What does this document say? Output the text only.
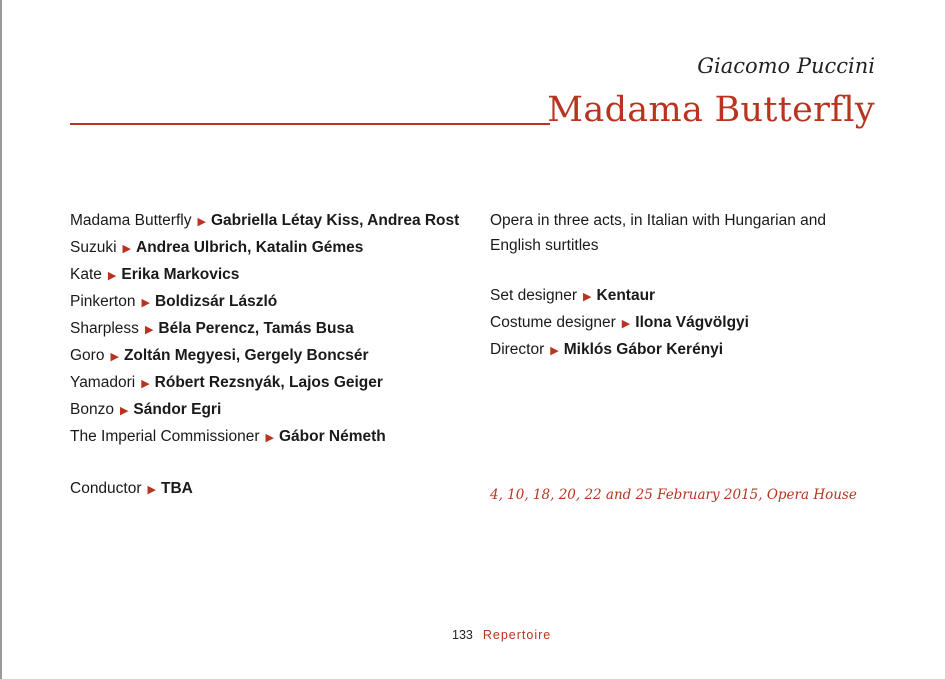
Giacomo Puccini
Madama Butterfly
Madama Butterfly ▶ Gabriella Létay Kiss, Andrea Rost
Suzuki ▶ Andrea Ulbrich, Katalin Gémes
Kate ▶ Erika Markovics
Pinkerton ▶ Boldizsár László
Sharpless ▶ Béla Perencz, Tamás Busa
Goro ▶ Zoltán Megyesi, Gergely Boncsér
Yamadori ▶ Róbert Rezsnyák, Lajos Geiger
Bonzo ▶ Sándor Egri
The Imperial Commissioner ▶ Gábor Németh
Conductor ▶ TBA
Opera in three acts, in Italian with Hungarian and English surtitles
Set designer ▶ Kentaur
Costume designer ▶ Ilona Vágvölgyi
Director ▶ Miklós Gábor Kerényi
4, 10, 18, 20, 22 and 25 February 2015, Opera House
133 Repertoire
